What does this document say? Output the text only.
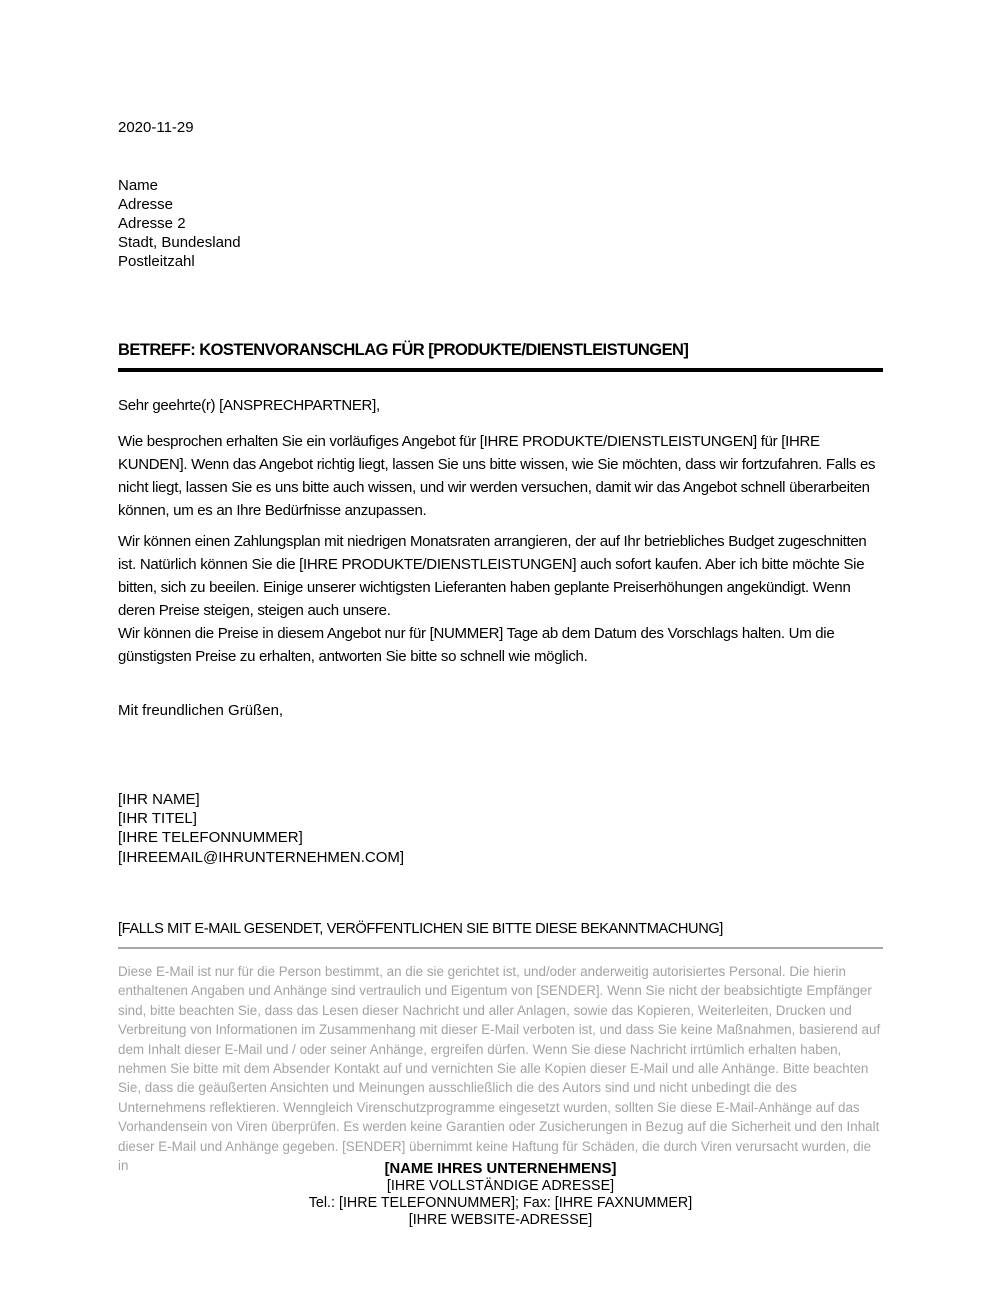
2020-11-29
Name
Adresse
Adresse 2
Stadt, Bundesland
Postleitzahl
BETREFF: KOSTENVORANSCHLAG FÜR [PRODUKTE/DIENSTLEISTUNGEN]
Sehr geehrte(r) [ANSPRECHPARTNER],
Wie besprochen erhalten Sie ein vorläufiges Angebot für [IHRE PRODUKTE/DIENSTLEISTUNGEN] für [IHRE KUNDEN]. Wenn das Angebot richtig liegt, lassen Sie uns bitte wissen, wie Sie möchten, dass wir fortzufahren. Falls es nicht liegt, lassen Sie es uns bitte auch wissen, und wir werden versuchen, damit wir das Angebot schnell überarbeiten können, um es an Ihre Bedürfnisse anzupassen.
Wir können einen Zahlungsplan mit niedrigen Monatsraten arrangieren, der auf Ihr betriebliches Budget zugeschnitten ist. Natürlich können Sie die [IHRE PRODUKTE/DIENSTLEISTUNGEN] auch sofort kaufen. Aber ich bitte möchte Sie bitten, sich zu beeilen. Einige unserer wichtigsten Lieferanten haben geplante Preiserhöhungen angekündigt. Wenn deren Preise steigen, steigen auch unsere.
Wir können die Preise in diesem Angebot nur für [NUMMER] Tage ab dem Datum des Vorschlags halten. Um die günstigsten Preise zu erhalten, antworten Sie bitte so schnell wie möglich.
Mit freundlichen Grüßen,
[IHR NAME]
[IHR TITEL]
[IHRE TELEFONNUMMER]
[IHREEMAIL@IHRUNTERNEHMEN.COM]
[FALLS MIT E-MAIL GESENDET, VERÖFFENTLICHEN SIE BITTE DIESE BEKANNTMACHUNG]
Diese E-Mail ist nur für die Person bestimmt, an die sie gerichtet ist, und/oder anderweitig autorisiertes Personal. Die hierin enthaltenen Angaben und Anhänge sind vertraulich und Eigentum von [SENDER]. Wenn Sie nicht der beabsichtigte Empfänger sind, bitte beachten Sie, dass das Lesen dieser Nachricht und aller Anlagen, sowie das Kopieren, Weiterleiten, Drucken und Verbreitung von Informationen im Zusammenhang mit dieser E-Mail verboten ist, und dass Sie keine Maßnahmen, basierend auf dem Inhalt dieser E-Mail und / oder seiner Anhänge, ergreifen dürfen. Wenn Sie diese Nachricht irrtümlich erhalten haben, nehmen Sie bitte mit dem Absender Kontakt auf und vernichten Sie alle Kopien dieser E-Mail und alle Anhänge. Bitte beachten Sie, dass die geäußerten Ansichten und Meinungen ausschließlich die des Autors sind und nicht unbedingt die des Unternehmens reflektieren. Wenngleich Virenschutzprogramme eingesetzt wurden, sollten Sie diese E-Mail-Anhänge auf das Vorhandensein von Viren überprüfen. Es werden keine Garantien oder Zusicherungen in Bezug auf die Sicherheit und den Inhalt dieser E-Mail und Anhänge gegeben. [SENDER] übernimmt keine Haftung für Schäden, die durch Viren verursacht wurden, die in	[NAME IHRES UNTERNEHMENS]
[IHRE VOLLSTÄNDIGE ADRESSE]
Tel.: [IHRE TELEFONNUMMER]; Fax: [IHRE FAXNUMMER]
[IHRE WEBSITE-ADRESSE]
